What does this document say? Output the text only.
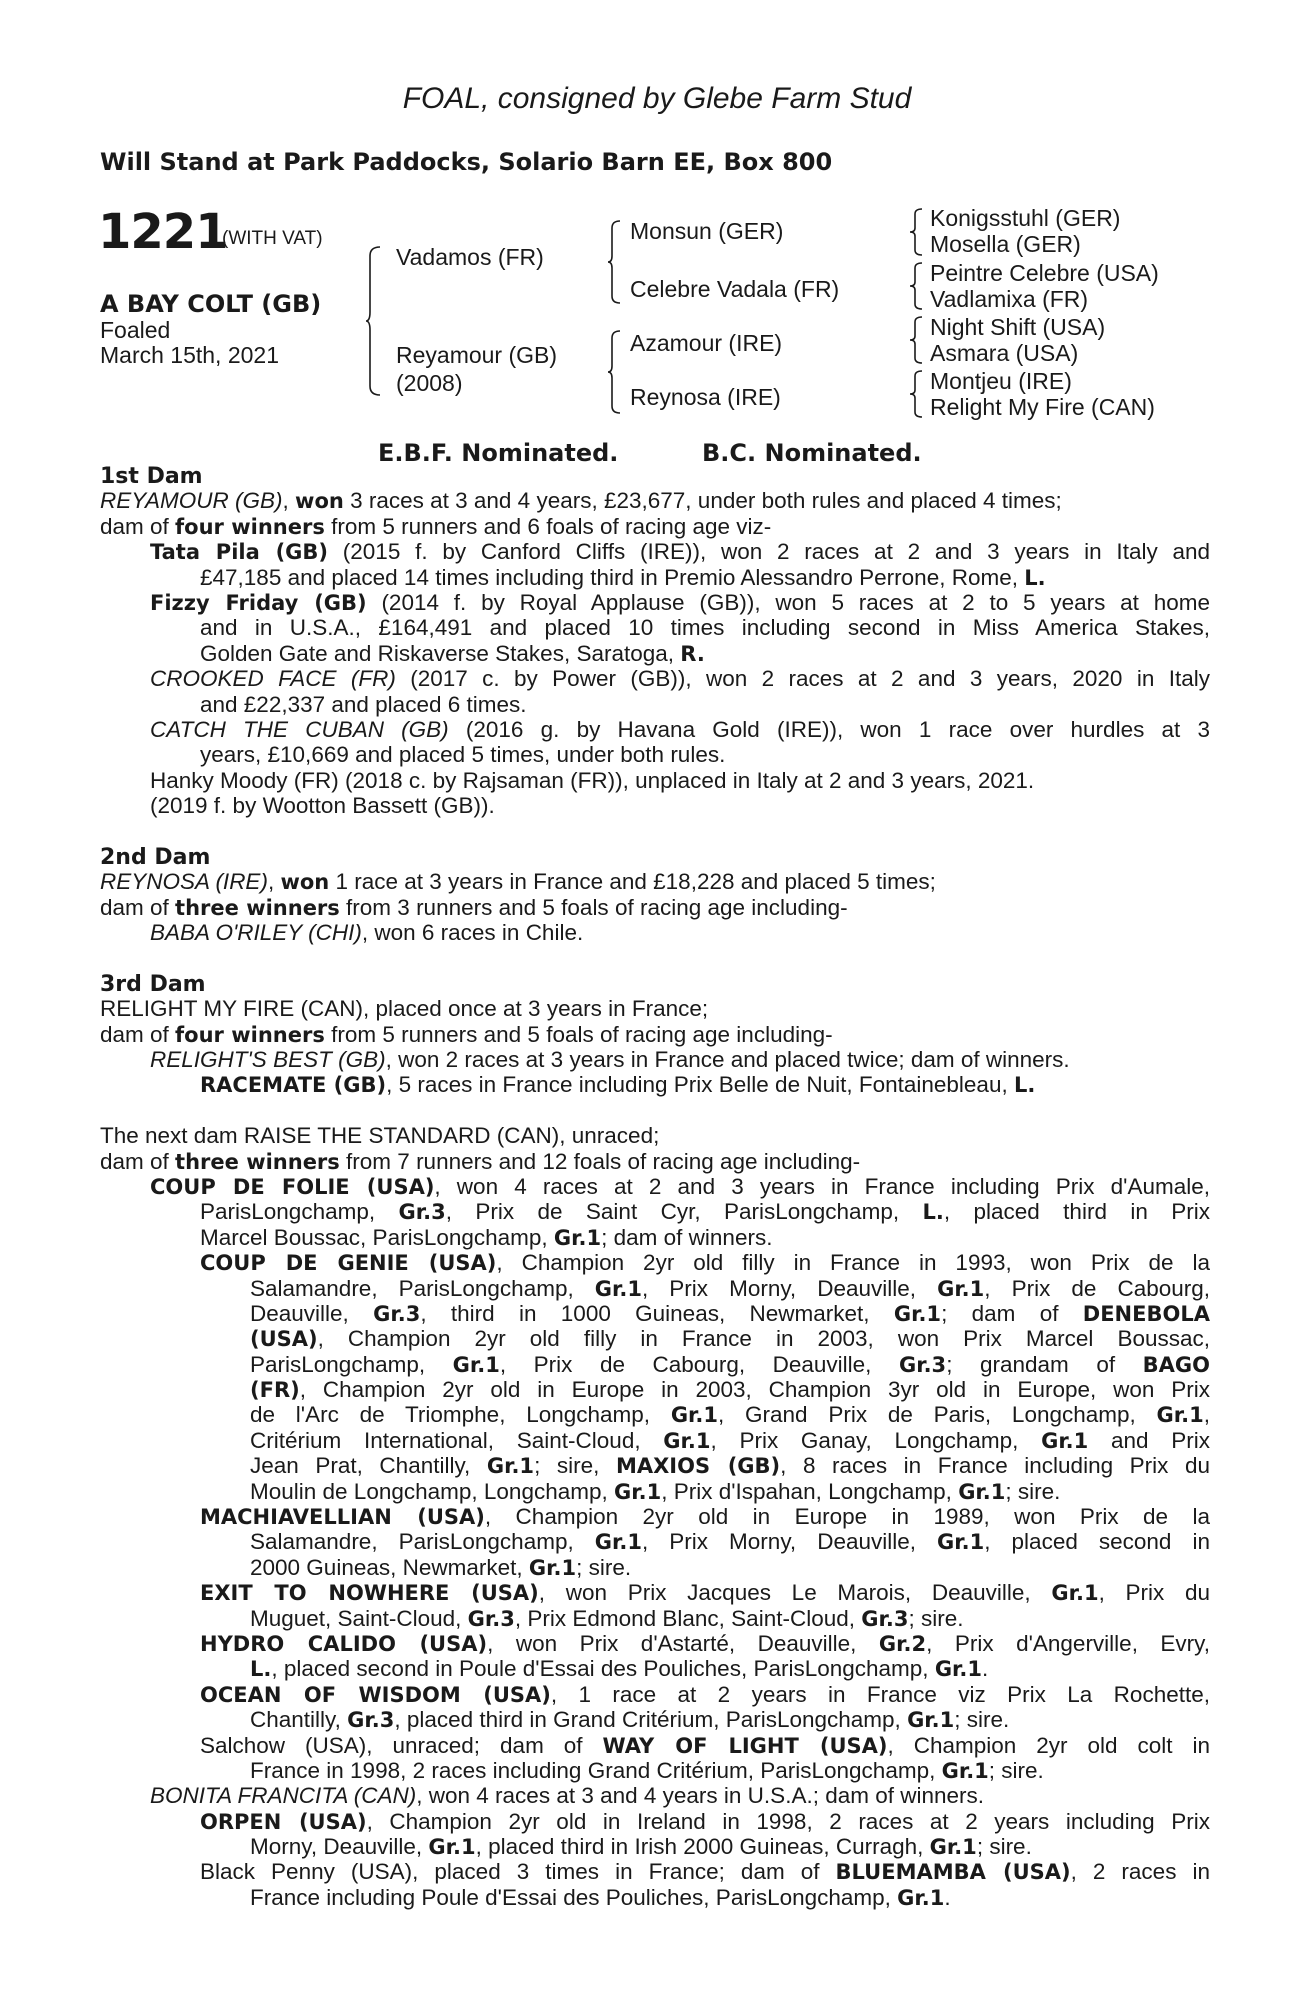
FOAL, consigned by Glebe Farm Stud
Will Stand at Park Paddocks, Solario Barn EE, Box 800
1221
(WITH VAT)
A BAY COLT (GB)
Foaled
March 15th, 2021
Vadamos (FR)
Reyamour (GB)
(2008)
Monsun (GER)
Celebre Vadala (FR)
Azamour (IRE)
Reynosa (IRE)
Konigsstuhl (GER)
Mosella (GER)
Peintre Celebre (USA)
Vadlamixa (FR)
Night Shift (USA)
Asmara (USA)
Montjeu (IRE)
Relight My Fire (CAN)
E.B.F. Nominated.	B.C. Nominated.
1st Dam
REYAMOUR (GB), won 3 races at 3 and 4 years, £23,677, under both rules and placed 4 times;
dam of four winners from 5 runners and 6 foals of racing age viz-
Tata Pila (GB) (2015 f. by Canford Cliffs (IRE)), won 2 races at 2 and 3 years in Italy and
£47,185 and placed 14 times including third in Premio Alessandro Perrone, Rome, L.
Fizzy Friday (GB) (2014 f. by Royal Applause (GB)), won 5 races at 2 to 5 years at home
and in U.S.A., £164,491 and placed 10 times including second in Miss America Stakes,
Golden Gate and Riskaverse Stakes, Saratoga, R.
CROOKED FACE (FR) (2017 c. by Power (GB)), won 2 races at 2 and 3 years, 2020 in Italy
and £22,337 and placed 6 times.
CATCH THE CUBAN (GB) (2016 g. by Havana Gold (IRE)), won 1 race over hurdles at 3
years, £10,669 and placed 5 times, under both rules.
Hanky Moody (FR) (2018 c. by Rajsaman (FR)), unplaced in Italy at 2 and 3 years, 2021.
(2019 f. by Wootton Bassett (GB)).
2nd Dam
REYNOSA (IRE), won 1 race at 3 years in France and £18,228 and placed 5 times;
dam of three winners from 3 runners and 5 foals of racing age including-
BABA O'RILEY (CHI), won 6 races in Chile.
3rd Dam
RELIGHT MY FIRE (CAN), placed once at 3 years in France;
dam of four winners from 5 runners and 5 foals of racing age including-
RELIGHT'S BEST (GB), won 2 races at 3 years in France and placed twice; dam of winners.
RACEMATE (GB), 5 races in France including Prix Belle de Nuit, Fontainebleau, L.
The next dam RAISE THE STANDARD (CAN), unraced;
dam of three winners from 7 runners and 12 foals of racing age including-
COUP DE FOLIE (USA), won 4 races at 2 and 3 years in France including Prix d'Aumale,
ParisLongchamp, Gr.3, Prix de Saint Cyr, ParisLongchamp, L., placed third in Prix
Marcel Boussac, ParisLongchamp, Gr.1; dam of winners.
COUP DE GENIE (USA), Champion 2yr old filly in France in 1993, won Prix de la
Salamandre, ParisLongchamp, Gr.1, Prix Morny, Deauville, Gr.1, Prix de Cabourg,
Deauville, Gr.3, third in 1000 Guineas, Newmarket, Gr.1; dam of DENEBOLA
(USA), Champion 2yr old filly in France in 2003, won Prix Marcel Boussac,
ParisLongchamp, Gr.1, Prix de Cabourg, Deauville, Gr.3; grandam of BAGO
(FR), Champion 2yr old in Europe in 2003, Champion 3yr old in Europe, won Prix
de l'Arc de Triomphe, Longchamp, Gr.1, Grand Prix de Paris, Longchamp, Gr.1,
Critérium International, Saint-Cloud, Gr.1, Prix Ganay, Longchamp, Gr.1 and Prix
Jean Prat, Chantilly, Gr.1; sire, MAXIOS (GB), 8 races in France including Prix du
Moulin de Longchamp, Longchamp, Gr.1, Prix d'Ispahan, Longchamp, Gr.1; sire.
MACHIAVELLIAN (USA), Champion 2yr old in Europe in 1989, won Prix de la
Salamandre, ParisLongchamp, Gr.1, Prix Morny, Deauville, Gr.1, placed second in
2000 Guineas, Newmarket, Gr.1; sire.
EXIT TO NOWHERE (USA), won Prix Jacques Le Marois, Deauville, Gr.1, Prix du
Muguet, Saint-Cloud, Gr.3, Prix Edmond Blanc, Saint-Cloud, Gr.3; sire.
HYDRO CALIDO (USA), won Prix d'Astarté, Deauville, Gr.2, Prix d'Angerville, Evry,
L., placed second in Poule d'Essai des Pouliches, ParisLongchamp, Gr.1.
OCEAN OF WISDOM (USA), 1 race at 2 years in France viz Prix La Rochette,
Chantilly, Gr.3, placed third in Grand Critérium, ParisLongchamp, Gr.1; sire.
Salchow (USA), unraced; dam of WAY OF LIGHT (USA), Champion 2yr old colt in
France in 1998, 2 races including Grand Critérium, ParisLongchamp, Gr.1; sire.
BONITA FRANCITA (CAN), won 4 races at 3 and 4 years in U.S.A.; dam of winners.
ORPEN (USA), Champion 2yr old in Ireland in 1998, 2 races at 2 years including Prix
Morny, Deauville, Gr.1, placed third in Irish 2000 Guineas, Curragh, Gr.1; sire.
Black Penny (USA), placed 3 times in France; dam of BLUEMAMBA (USA), 2 races in
France including Poule d'Essai des Pouliches, ParisLongchamp, Gr.1.
